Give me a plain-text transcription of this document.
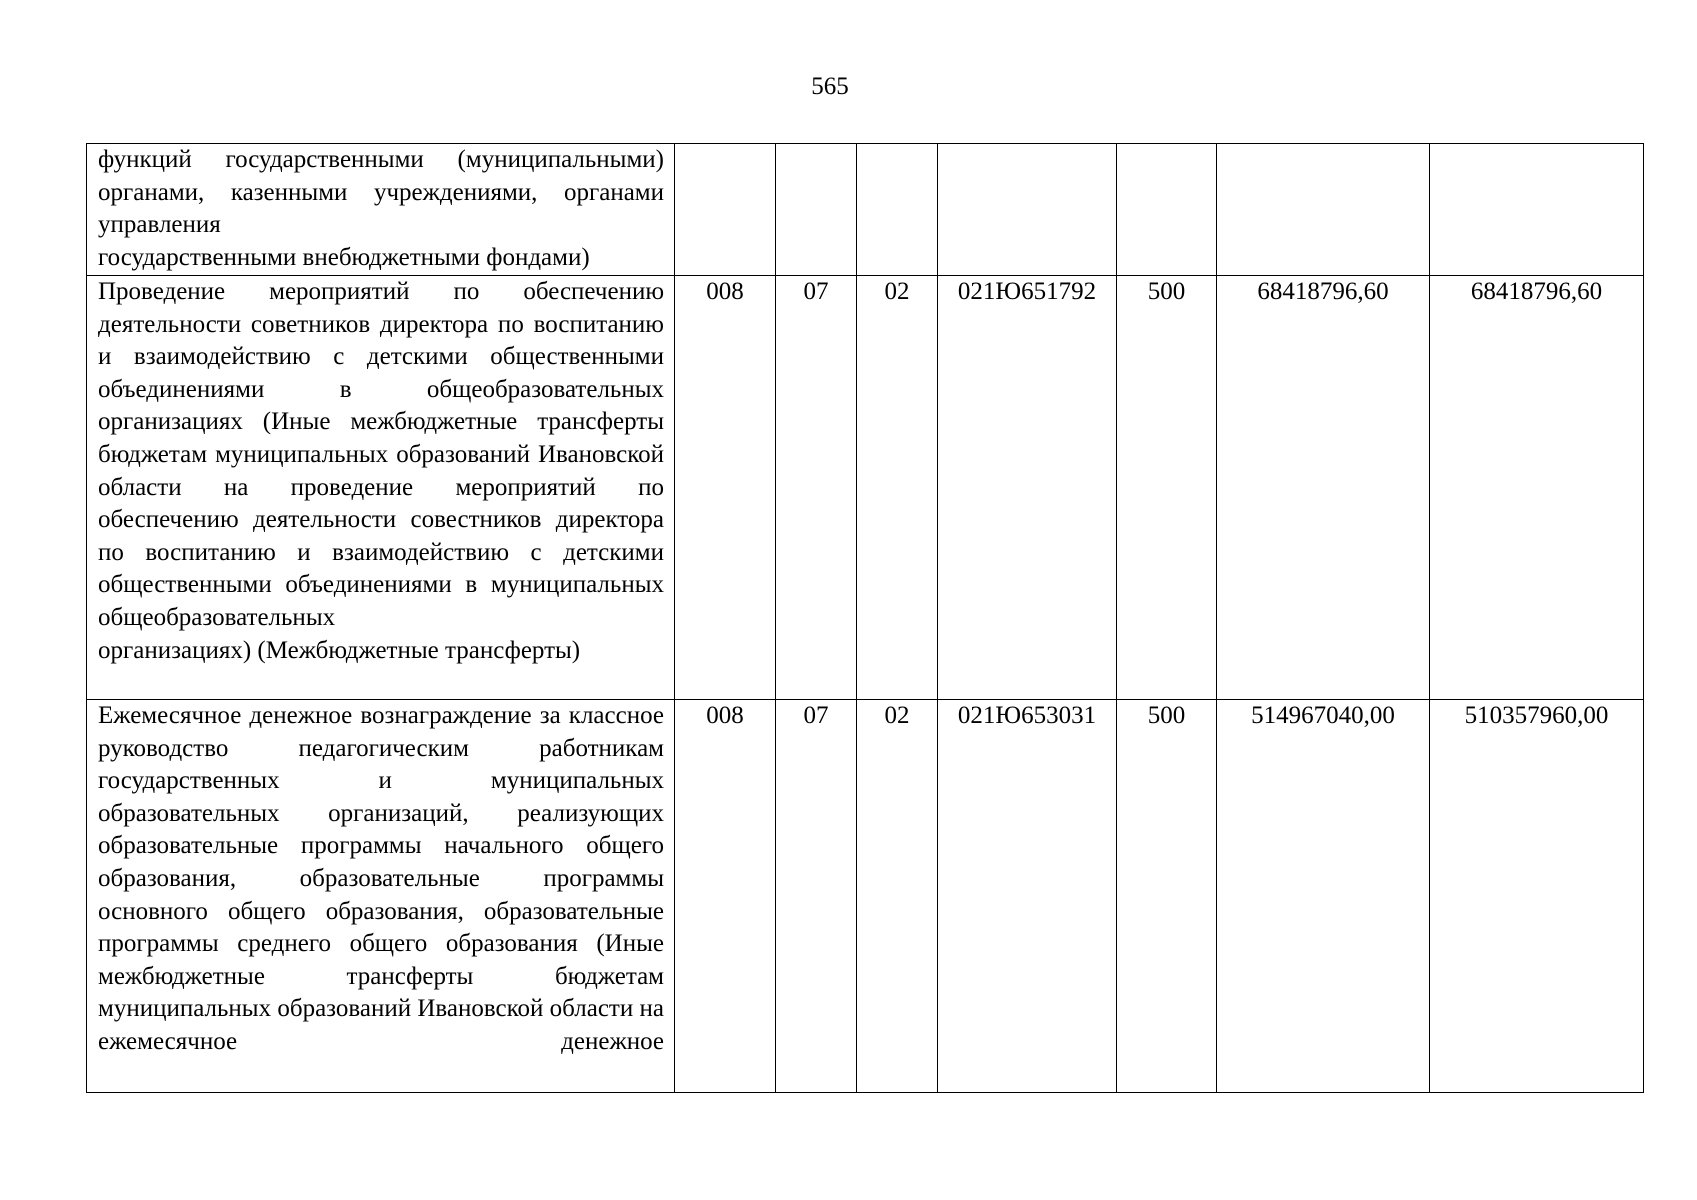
565
функций государственными (муниципальными) органами, казенными учреждениями, органами управления
государственными внебюджетными фондами)							

Проведение мероприятий по обеспечению деятельности советников директора по воспитанию и взаимодействию с детскими общественными объединениями в общеобразовательных организациях (Иные межбюджетные трансферты бюджетам муниципальных образований Ивановской области на проведение мероприятий по обеспечению деятельности совестников директора по воспитанию и взаимодействию с детскими общественными объединениями в муниципальных общеобразовательных
организациях) (Межбюджетные трансферты)	008	07	02	021Ю651792	500	68418796,60	68418796,60
Ежемесячное денежное вознаграждение за классное руководство педагогическим работникам государственных и муниципальных образовательных организаций, реализующих образовательные программы начального общего образования, образовательные программы основного общего образования, образовательные программы среднего общего образования (Иные межбюджетные трансферты бюджетам муниципальных образований Ивановской области на ежемесячное денежное	008	07	02	021Ю653031	500	514967040,00	510357960,00
